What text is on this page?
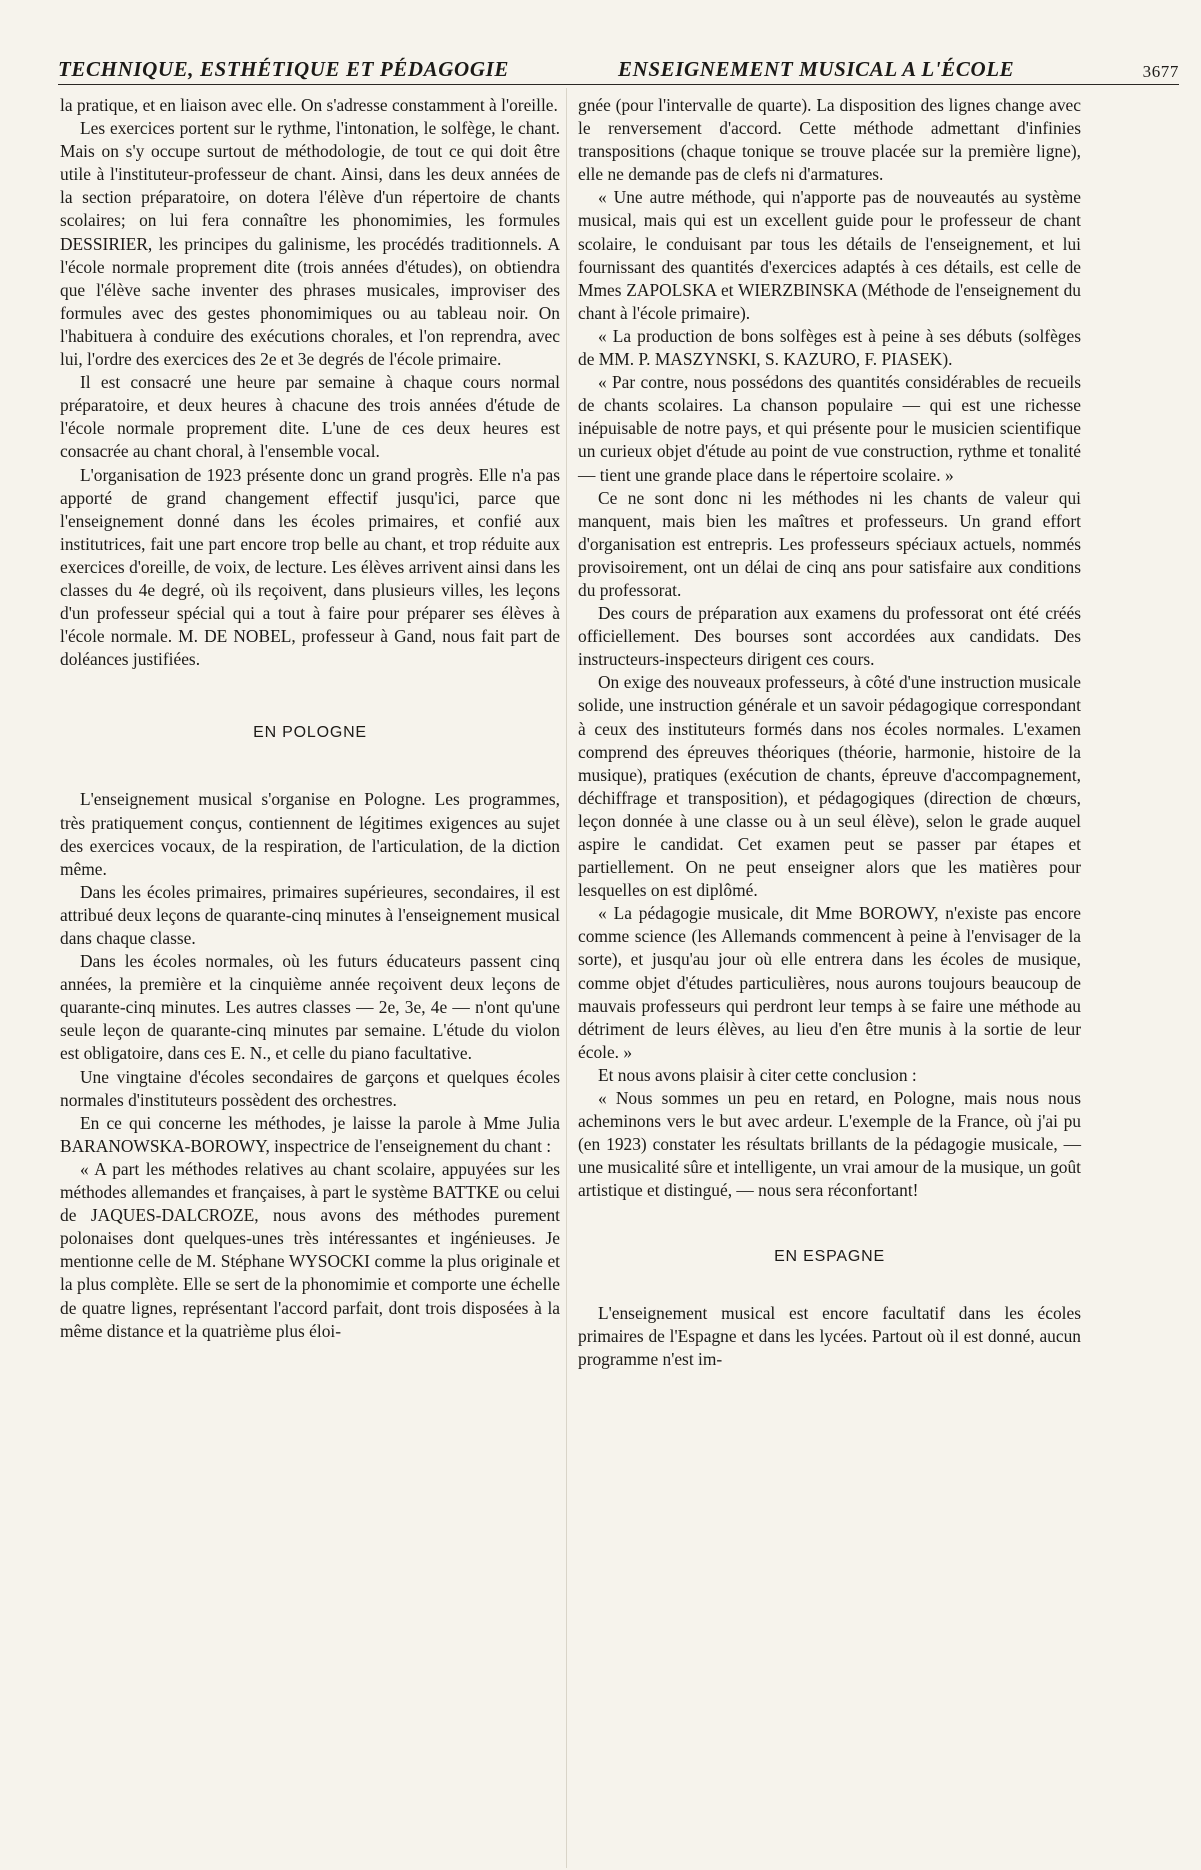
TECHNIQUE, ESTHÉTIQUE ET PÉDAGOGIE	ENSEIGNEMENT MUSICAL A L'ÉCOLE	3677

la pratique, et en liaison avec elle. On s'adresse constamment à l'oreille.

Les exercices portent sur le rythme, l'intonation, le solfège, le chant. Mais on s'y occupe surtout de méthodologie, de tout ce qui doit être utile à l'instituteur-professeur de chant. Ainsi, dans les deux années de la section préparatoire, on dotera l'élève d'un répertoire de chants scolaires; on lui fera connaître les phonomimies, les formules DESSIRIER, les principes du galinisme, les procédés traditionnels. A l'école normale proprement dite (trois années d'études), on obtiendra que l'élève sache inventer des phrases musicales, improviser des formules avec des gestes phonomimiques ou au tableau noir. On l'habituera à conduire des exécutions chorales, et l'on reprendra, avec lui, l'ordre des exercices des 2e et 3e degrés de l'école primaire.

Il est consacré une heure par semaine à chaque cours normal préparatoire, et deux heures à chacune des trois années d'étude de l'école normale proprement dite. L'une de ces deux heures est consacrée au chant choral, à l'ensemble vocal.

L'organisation de 1923 présente donc un grand progrès. Elle n'a pas apporté de grand changement effectif jusqu'ici, parce que l'enseignement donné dans les écoles primaires, et confié aux institutrices, fait une part encore trop belle au chant, et trop réduite aux exercices d'oreille, de voix, de lecture. Les élèves arrivent ainsi dans les classes du 4e degré, où ils reçoivent, dans plusieurs villes, les leçons d'un professeur spécial qui a tout à faire pour préparer ses élèves à l'école normale. M. DE NOBEL, professeur à Gand, nous fait part de doléances justifiées.

EN POLOGNE

L'enseignement musical s'organise en Pologne. Les programmes, très pratiquement conçus, contiennent de légitimes exigences au sujet des exercices vocaux, de la respiration, de l'articulation, de la diction même.

Dans les écoles primaires, primaires supérieures, secondaires, il est attribué deux leçons de quarante-cinq minutes à l'enseignement musical dans chaque classe.

Dans les écoles normales, où les futurs éducateurs passent cinq années, la première et la cinquième année reçoivent deux leçons de quarante-cinq minutes. Les autres classes — 2e, 3e, 4e — n'ont qu'une seule leçon de quarante-cinq minutes par semaine. L'étude du violon est obligatoire, dans ces E. N., et celle du piano facultative.

Une vingtaine d'écoles secondaires de garçons et quelques écoles normales d'instituteurs possèdent des orchestres.

En ce qui concerne les méthodes, je laisse la parole à Mme Julia BARANOWSKA-BOROWY, inspectrice de l'enseignement du chant :

« A part les méthodes relatives au chant scolaire, appuyées sur les méthodes allemandes et françaises, à part le système BATTKE ou celui de JAQUES-DALCROZE, nous avons des méthodes purement polonaises dont quelques-unes très intéressantes et ingénieuses. Je mentionne celle de M. Stéphane WYSOCKI comme la plus originale et la plus complète. Elle se sert de la phonomimie et comporte une échelle de quatre lignes, représentant l'accord parfait, dont trois disposées à la même distance et la quatrième plus éloi-

gnée (pour l'intervalle de quarte). La disposition des lignes change avec le renversement d'accord. Cette méthode admettant d'infinies transpositions (chaque tonique se trouve placée sur la première ligne), elle ne demande pas de clefs ni d'armatures.

« Une autre méthode, qui n'apporte pas de nouveautés au système musical, mais qui est un excellent guide pour le professeur de chant scolaire, le conduisant par tous les détails de l'enseignement, et lui fournissant des quantités d'exercices adaptés à ces détails, est celle de Mmes ZAPOLSKA et WIERZBINSKA (Méthode de l'enseignement du chant à l'école primaire).

« La production de bons solfèges est à peine à ses débuts (solfèges de MM. P. MASZYNSKI, S. KAZURO, F. PIASEK).

« Par contre, nous possédons des quantités considérables de recueils de chants scolaires. La chanson populaire — qui est une richesse inépuisable de notre pays, et qui présente pour le musicien scientifique un curieux objet d'étude au point de vue construction, rythme et tonalité — tient une grande place dans le répertoire scolaire. »

Ce ne sont donc ni les méthodes ni les chants de valeur qui manquent, mais bien les maîtres et professeurs. Un grand effort d'organisation est entrepris. Les professeurs spéciaux actuels, nommés provisoirement, ont un délai de cinq ans pour satisfaire aux conditions du professorat.

Des cours de préparation aux examens du professorat ont été créés officiellement. Des bourses sont accordées aux candidats. Des instructeurs-inspecteurs dirigent ces cours.

On exige des nouveaux professeurs, à côté d'une instruction musicale solide, une instruction générale et un savoir pédagogique correspondant à ceux des instituteurs formés dans nos écoles normales. L'examen comprend des épreuves théoriques (théorie, harmonie, histoire de la musique), pratiques (exécution de chants, épreuve d'accompagnement, déchiffrage et transposition), et pédagogiques (direction de chœurs, leçon donnée à une classe ou à un seul élève), selon le grade auquel aspire le candidat. Cet examen peut se passer par étapes et partiellement. On ne peut enseigner alors que les matières pour lesquelles on est diplômé.

« La pédagogie musicale, dit Mme BOROWY, n'existe pas encore comme science (les Allemands commencent à peine à l'envisager de la sorte), et jusqu'au jour où elle entrera dans les écoles de musique, comme objet d'études particulières, nous aurons toujours beaucoup de mauvais professeurs qui perdront leur temps à se faire une méthode au détriment de leurs élèves, au lieu d'en être munis à la sortie de leur école. »

Et nous avons plaisir à citer cette conclusion :

« Nous sommes un peu en retard, en Pologne, mais nous nous acheminons vers le but avec ardeur. L'exemple de la France, où j'ai pu (en 1923) constater les résultats brillants de la pédagogie musicale, — une musicalité sûre et intelligente, un vrai amour de la musique, un goût artistique et distingué, — nous sera réconfortant!

EN ESPAGNE

L'enseignement musical est encore facultatif dans les écoles primaires de l'Espagne et dans les lycées. Partout où il est donné, aucun programme n'est im-
